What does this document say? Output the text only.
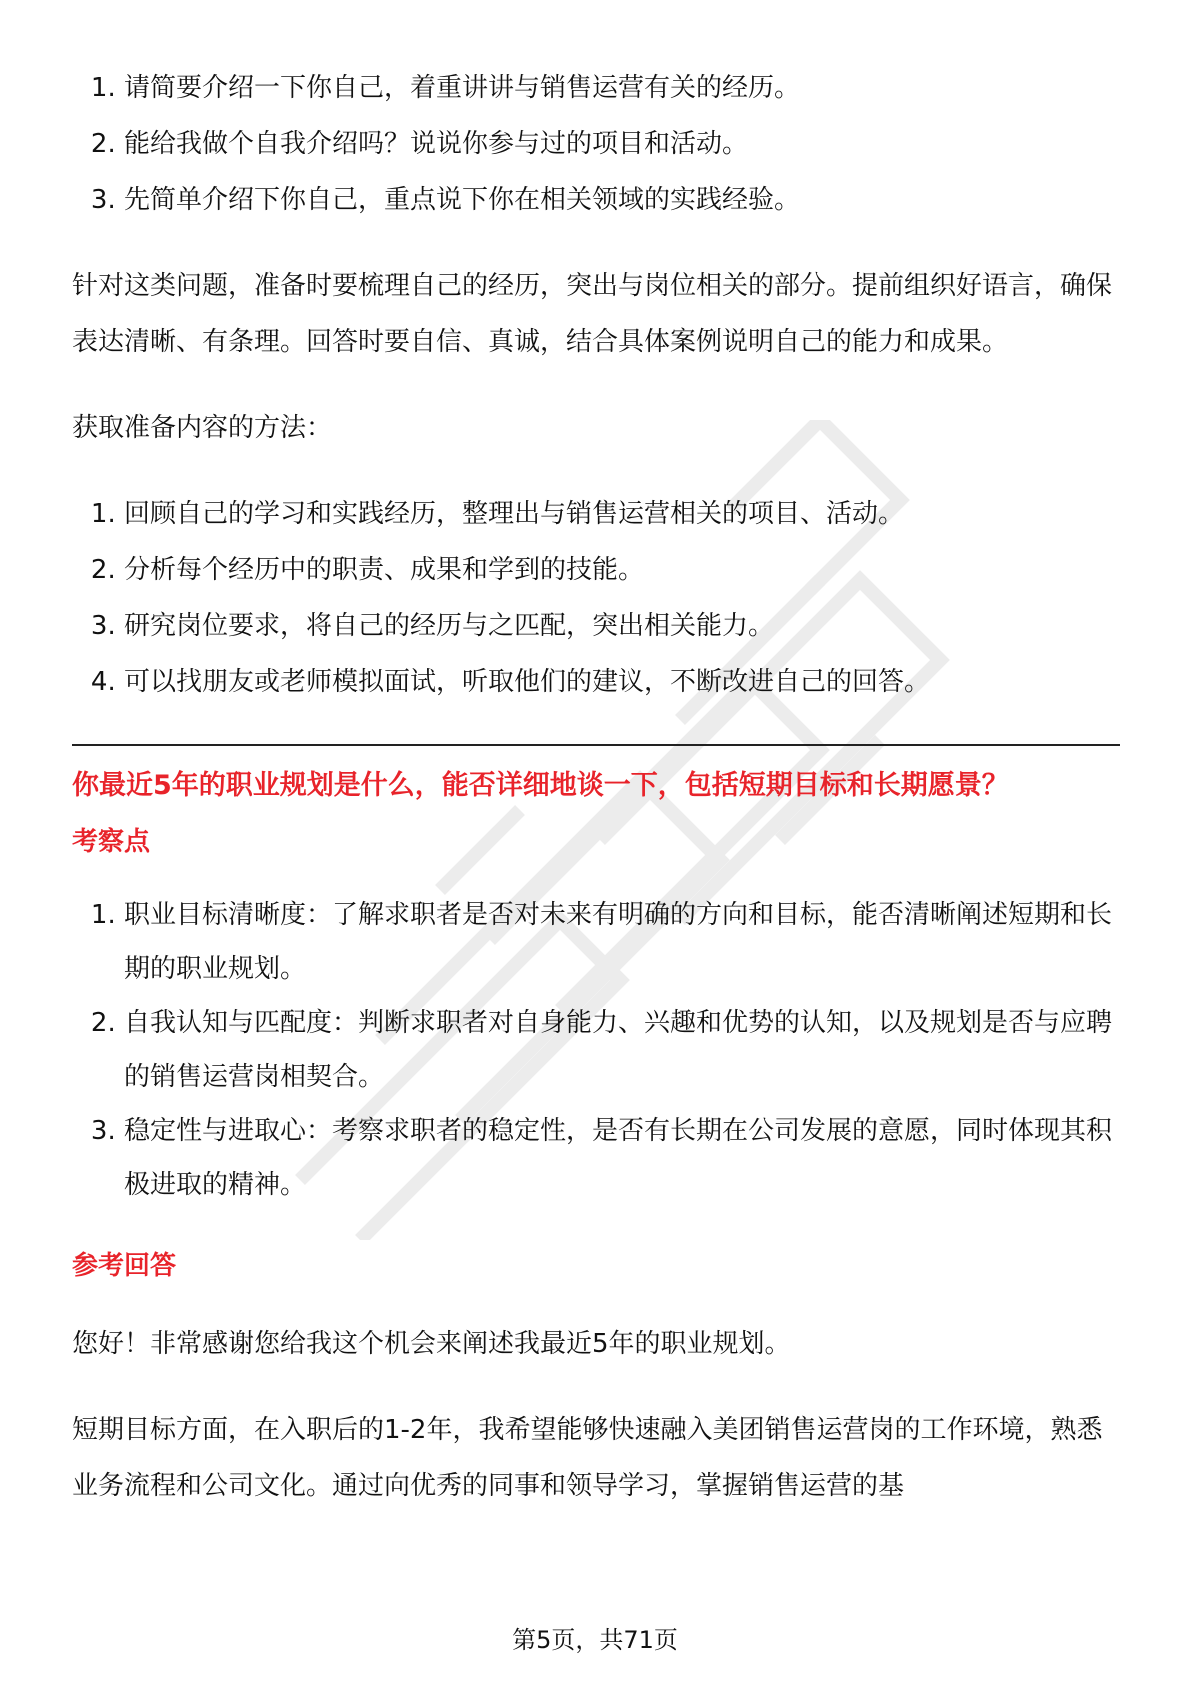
1. 请简要介绍一下你自己，着重讲讲与销售运营有关的经历。
2. 能给我做个自我介绍吗？说说你参与过的项目和活动。
3. 先简单介绍下你自己，重点说下你在相关领域的实践经验。

针对这类问题，准备时要梳理自己的经历，突出与岗位相关的部分。提前组织好语言，确保表达清晰、有条理。回答时要自信、真诚，结合具体案例说明自己的能力和成果。

获取准备内容的方法：

1. 回顾自己的学习和实践经历，整理出与销售运营相关的项目、活动。
2. 分析每个经历中的职责、成果和学到的技能。
3. 研究岗位要求，将自己的经历与之匹配，突出相关能力。
4. 可以找朋友或老师模拟面试，听取他们的建议，不断改进自己的回答。
你最近5年的职业规划是什么，能否详细地谈一下，包括短期目标和长期愿景？
考察点
1. 职业目标清晰度：了解求职者是否对未来有明确的方向和目标，能否清晰阐述短期和长期的职业规划。
2. 自我认知与匹配度：判断求职者对自身能力、兴趣和优势的认知，以及规划是否与应聘的销售运营岗相契合。
3. 稳定性与进取心：考察求职者的稳定性，是否有长期在公司发展的意愿，同时体现其积极进取的精神。
参考回答

您好！非常感谢您给我这个机会来阐述我最近5年的职业规划。

短期目标方面，在入职后的1-2年，我希望能够快速融入美团销售运营岗的工作环境，熟悉业务流程和公司文化。通过向优秀的同事和领导学习，掌握销售运营的基

第5页，共71页
